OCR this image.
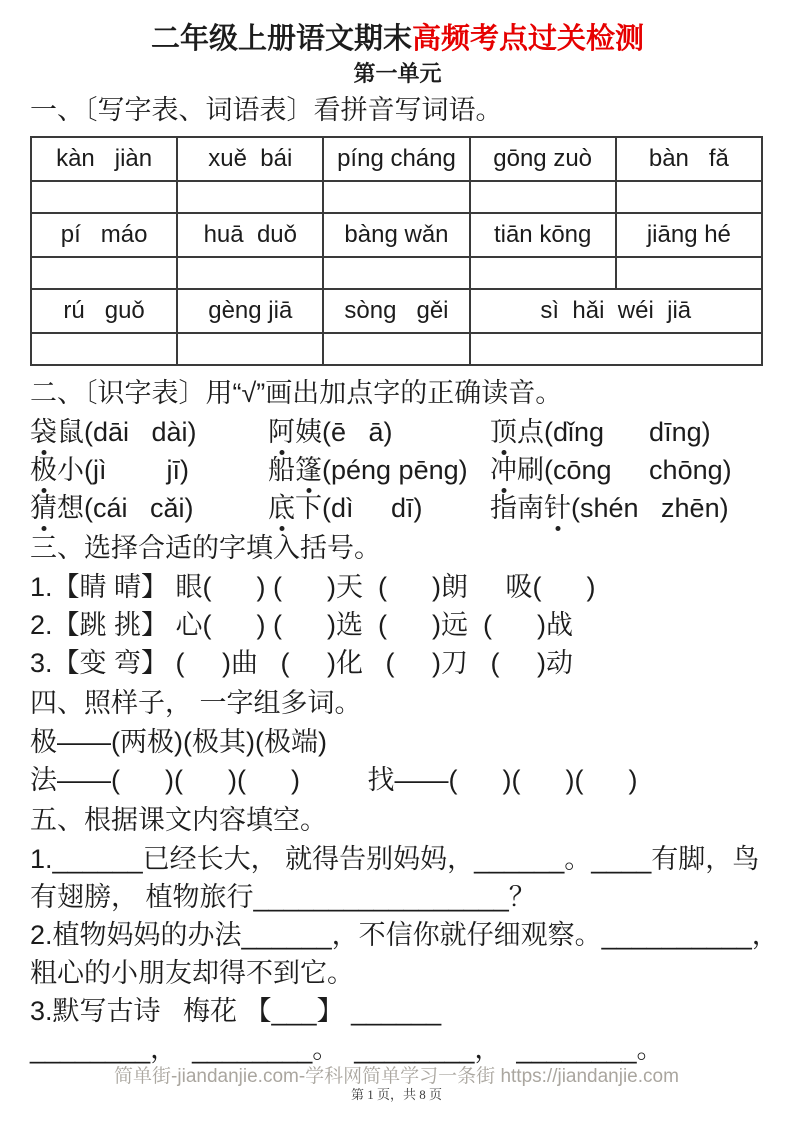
二年级上册语文期末高频考点过关检测
第一单元
一、〔写字表、词语表〕看拼音写词语。
kàn   jiàn	xuě  bái	píng cháng	gōng zuò	bàn   fǎ

pí   máo	huā  duǒ	bàng wǎn	tiān kōng	jiāng hé

rú   guǒ	gèng jiā	sòng   gěi	sì  hǎi  wéi  jiā	

二、〔识字表〕用“√”画出加点字的正确读音。
袋鼠(dāi   dài)	阿姨(ē   ā)	顶点(dǐng      dīng)
极小(jì        jī)	船篷(péng pēng) 冲刷(cōng     chōng)
猜想(cái   cǎi)	底下(dì     dī)	指南针(shén   zhēn)
三、选择合适的字填入括号。
1.【睛 晴】 眼(      ) (      )天  (      )朗     吸(      )
2.【跳 挑】 心(      ) (      )选  (      )远  (      )战
3.【变 弯】 (     )曲   (     )化   (     )刀   (     )动
四、照样子， 一字组多词。
极——(两极)(极其)(极端)
法——(      )(      )(      )         找——(      )(      )(      )
五、根据课文内容填空。
1.______已经长大， 就得告别妈妈，______。____有脚，鸟
有翅膀， 植物旅行_________________？
2.植物妈妈的办法______，不信你就仔细观察。__________，
粗心的小朋友却得不到它。
3.默写古诗   梅花 【___】 ______
________，  ________。  ________，  ________。
简单街-jiandanjie.com-学科网简单学习一条街 https://jiandanjie.com
第 1 页，共 8 页
